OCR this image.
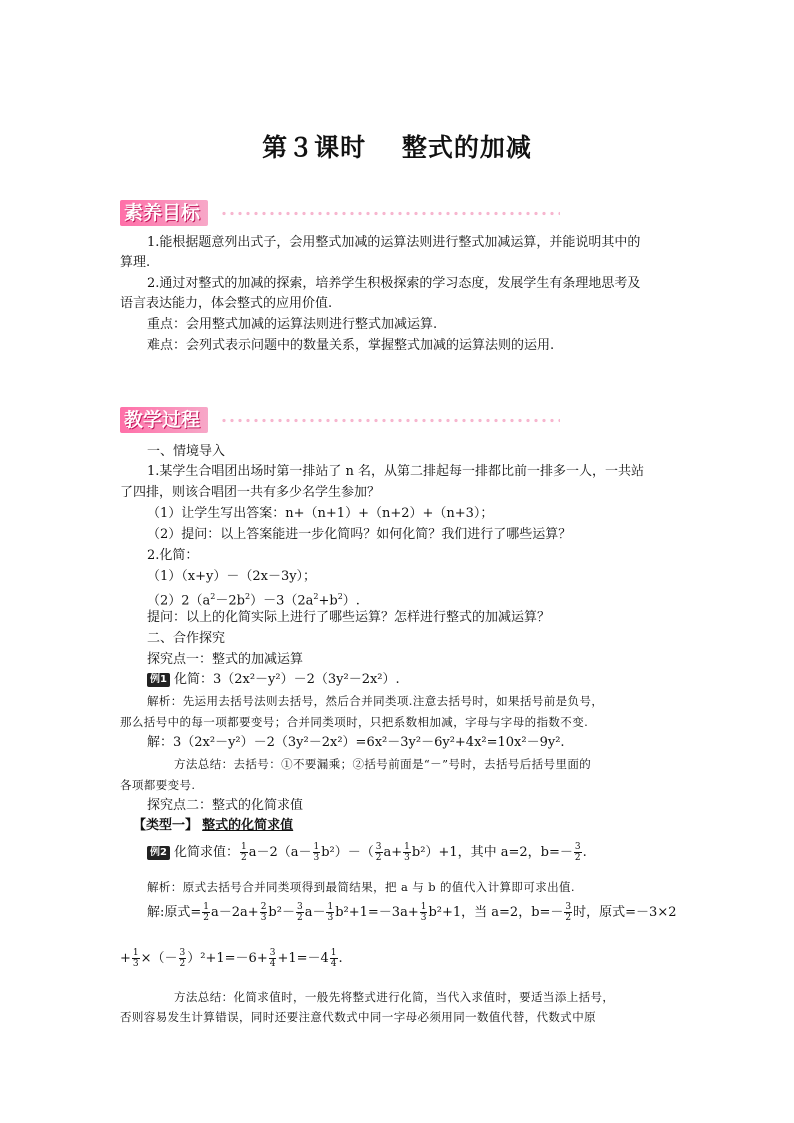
第３课时　 整式的加减
素养目标

1.能根据题意列出式子，会用整式加减的运算法则进行整式加减运算，并能说明其中的

算理.

2.通过对整式的加减的探索，培养学生积极探索的学习态度，发展学生有条理地思考及

语言表达能力，体会整式的应用价值.

重点：会用整式加减的运算法则进行整式加减运算.

难点：会列式表示问题中的数量关系，掌握整式加减的运算法则的运用.

教学过程

一、情境导入

1.某学生合唱团出场时第一排站了 n 名，从第二排起每一排都比前一排多一人，一共站

了四排，则该合唱团一共有多少名学生参加？

（1）让学生写出答案：n+（n+1）+（n+2）+（n+3）；

（2）提问：以上答案能进一步化简吗？如何化简？我们进行了哪些运算？

2.化简：

（1）（x+y）－（2x－3y）；

$(2)2(a^2-2b^2)-3(2a^2+b^2)$.

提问：以上的化简实际上进行了哪些运算？怎样进行整式的加减运算？

二、合作探究

探究点一：整式的加减运算

例1 化简：3（2x²－y²）－2（3y²－2x²）.

解析：先运用去括号法则去括号，然后合并同类项.注意去括号时，如果括号前是负号，

那么括号中的每一项都要变号；合并同类项时，只把系数相加减，字母与字母的指数不变.

解：3（2x²－y²）－2（3y²－2x²）=6x²－3y²－6y²+4x²=10x²－9y².

方法总结：去括号：①不要漏乘；②括号前面是“－”号时，去括号后括号里面的

各项都要变号.

探究点二：整式的化简求值

【类型一】 整式的化简求值

例2 化简求值： $\frac{1}{2} a-2(a- \frac{1}{3} b^2)-( \frac{3}{2} a+ \frac{1}{3} b^2)+1$，其中 a=2，$b=- \frac{3}{2}$ .

解析：原式去括号合并同类项得到最简结果，把 a 与 b 的值代入计算即可求出值.

解:原式= $\frac{1}{2} a-2a+ \frac{2}{3} b^2- \frac{3}{2} a- \frac{1}{3} b^2+1=-3a+ \frac{1}{3} b^2+1$，当 a=2，$b=- \frac{3}{2}$ 时，原式=－3×2

+ $\frac{1}{3}$ ×（－ $\frac{3}{2} )^2+1=-6+ \frac{3}{4} +1=-4 \frac{1}{4}$ .

方法总结：化简求值时，一般先将整式进行化简，当代入求值时，要适当添上括号，

否则容易发生计算错误，同时还要注意代数式中同一字母必须用同一数值代替，代数式中原
